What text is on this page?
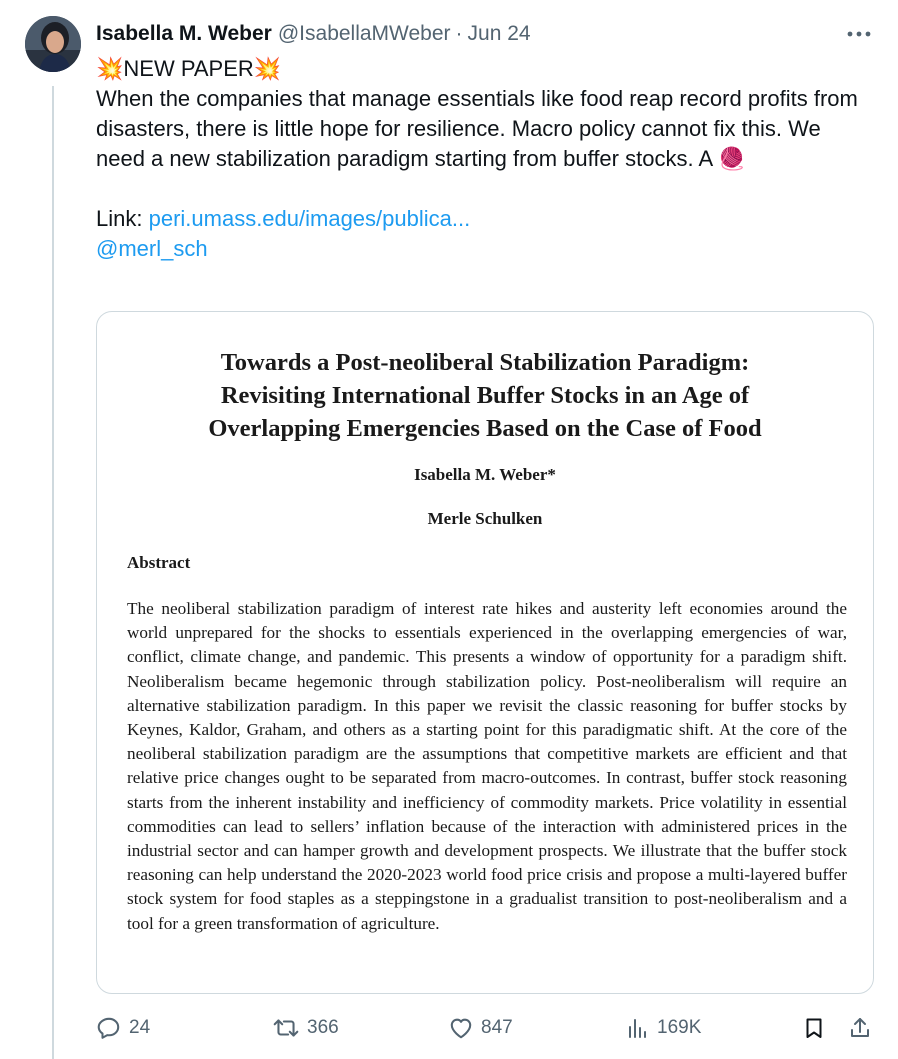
Isabella M. Weber @IsabellaMWeber · Jun 24

💥NEW PAPER💥

When the companies that manage essentials like food reap record profits from disasters, there is little hope for resilience. Macro policy cannot fix this. We need a new stabilization paradigm starting from buffer stocks. A 🧶

Link: peri.umass.edu/images/publica...

@merl_sch

Towards a Post-neoliberal Stabilization Paradigm:
Revisiting International Buffer Stocks in an Age of
Overlapping Emergencies Based on the Case of Food
Isabella M. Weber*
Merle Schulken
Abstract
The neoliberal stabilization paradigm of interest rate hikes and austerity left economies around the world unprepared for the shocks to essentials experienced in the overlapping emergencies of war, conflict, climate change, and pandemic. This presents a window of opportunity for a paradigm shift. Neoliberalism became hegemonic through stabilization policy. Post-neoliberalism will require an alternative stabilization paradigm. In this paper we revisit the classic reasoning for buffer stocks by Keynes, Kaldor, Graham, and others as a starting point for this paradigmatic shift. At the core of the neoliberal stabilization paradigm are the assumptions that competitive markets are efficient and that relative price changes ought to be separated from macro-outcomes. In contrast, buffer stock reasoning starts from the inherent instability and inefficiency of commodity markets. Price volatility in essential commodities can lead to sellers’ inflation because of the interaction with administered prices in the industrial sector and can hamper growth and development prospects. We illustrate that the buffer stock reasoning can help understand the 2020-2023 world food price crisis and propose a multi-layered buffer stock system for food staples as a steppingstone in a gradualist transition to post-neoliberalism and a tool for a green transformation of agriculture.
24	366	847	169K
